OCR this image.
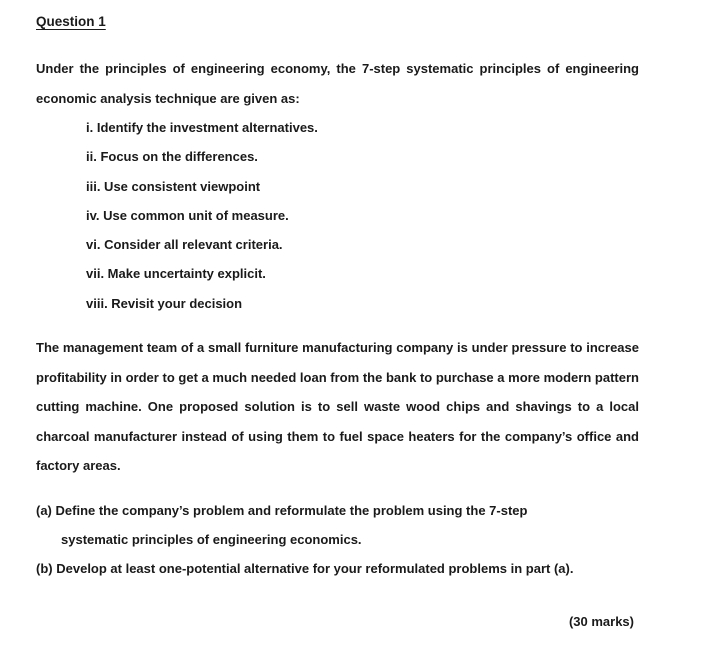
Question 1

Under the principles of engineering economy, the 7-step systematic principles of engineering economic analysis technique are given as:

i. Identify the investment alternatives.
ii. Focus on the differences.
iii. Use consistent viewpoint
iv. Use common unit of measure.
vi. Consider all relevant criteria.
vii. Make uncertainty explicit.
viii. Revisit your decision

The management team of a small furniture manufacturing company is under pressure to increase profitability in order to get a much needed loan from the bank to purchase a more modern pattern cutting machine. One proposed solution is to sell waste wood chips and shavings to a local charcoal manufacturer instead of using them to fuel space heaters for the company’s office and factory areas.

(a) Define the company’s problem and reformulate the problem using the 7-step
systematic principles of engineering economics.
(b) Develop at least one-potential alternative for your reformulated problems in part (a).
(30 marks)
